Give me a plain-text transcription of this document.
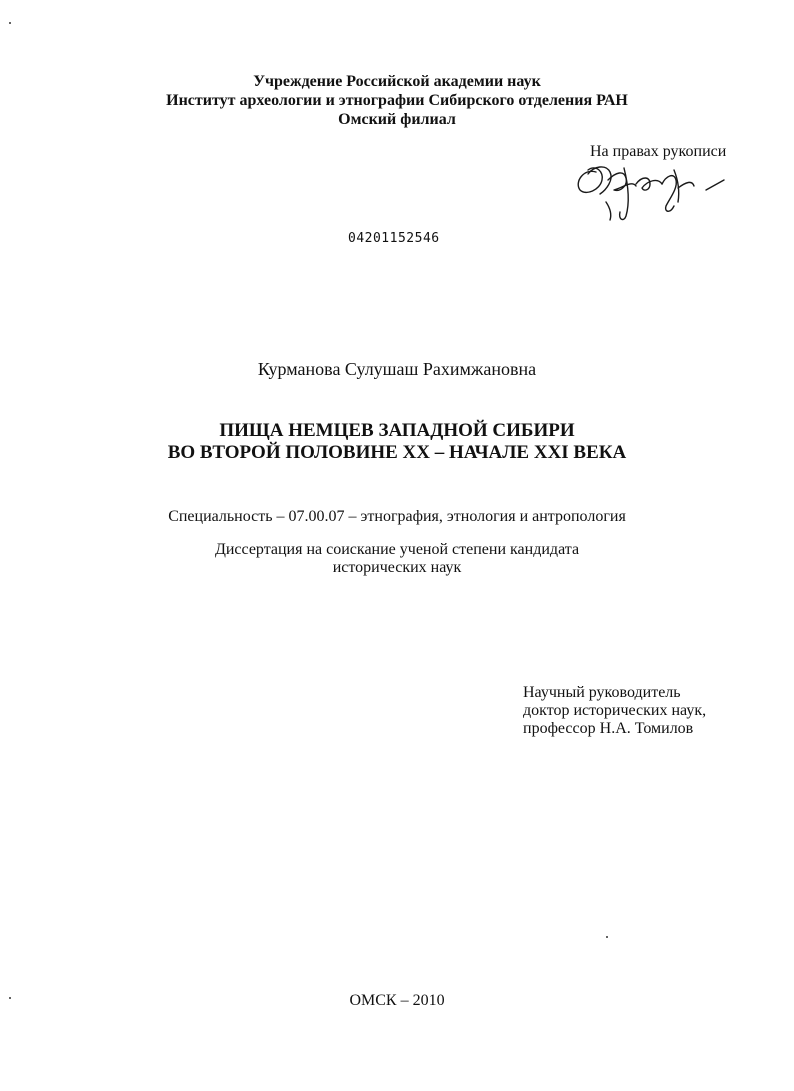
Учреждение Российской академии наук
Институт археологии и этнографии Сибирского отделения РАН
Омский филиал
На правах рукописи
04201152546
Курманова Сулушаш Рахимжановна
ПИЩА НЕМЦЕВ ЗАПАДНОЙ СИБИРИ
ВО ВТОРОЙ ПОЛОВИНЕ XX – НАЧАЛЕ XXI ВЕКА
Специальность – 07.00.07 – этнография, этнология и антропология
Диссертация на соискание ученой степени кандидата
исторических наук
Научный руководитель
доктор исторических наук,
профессор Н.А. Томилов
ОМСК – 2010
